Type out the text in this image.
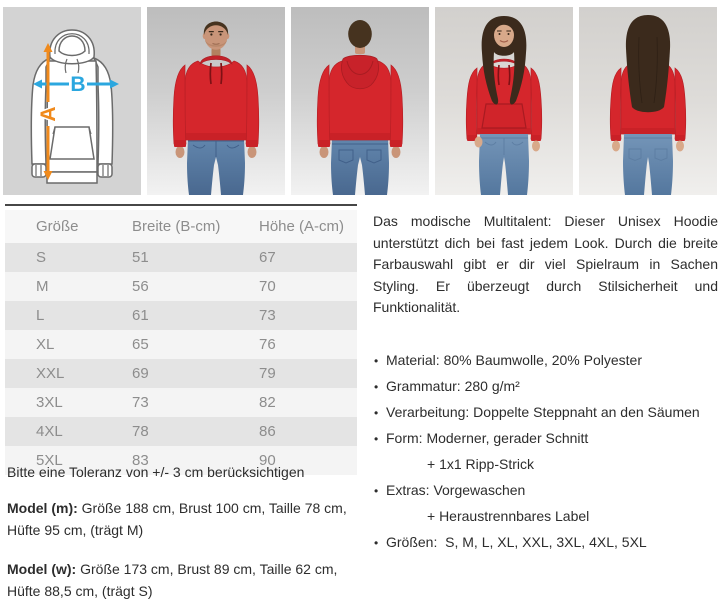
B
A
Größe	Breite (B-cm)	Höhe (A-cm)
S	51	67
M	56	70
L	61	73
XL	65	76
XXL	69	79
3XL	73	82
4XL	78	86
5XL	83	90

Das modische Multitalent: Dieser Unisex Hoodie unterstützt dich bei fast jedem Look. Durch die breite Farbauswahl gibt er dir viel Spielraum in Sachen Styling. Er überzeugt durch Stilsicherheit und Funktionalität.

• Material: 80% Baumwolle, 20% Polyester
• Grammatur: 280 g/m²
• Verarbeitung: Doppelte Steppnaht an den Säumen
• Form: Moderner, gerader Schnitt
+ 1x1 Ripp-Strick
• Extras: Vorgewaschen
+ Heraustrennbares Label
• Größen:  S, M, L, XL, XXL, 3XL, 4XL, 5XL

Bitte eine Toleranz von +/- 3 cm berücksichtigen

Model (m): Größe 188 cm, Brust 100 cm, Taille 78 cm, Hüfte 95 cm, (trägt M)

Model (w): Größe 173 cm, Brust 89 cm, Taille 62 cm, Hüfte 88,5 cm, (trägt S)
